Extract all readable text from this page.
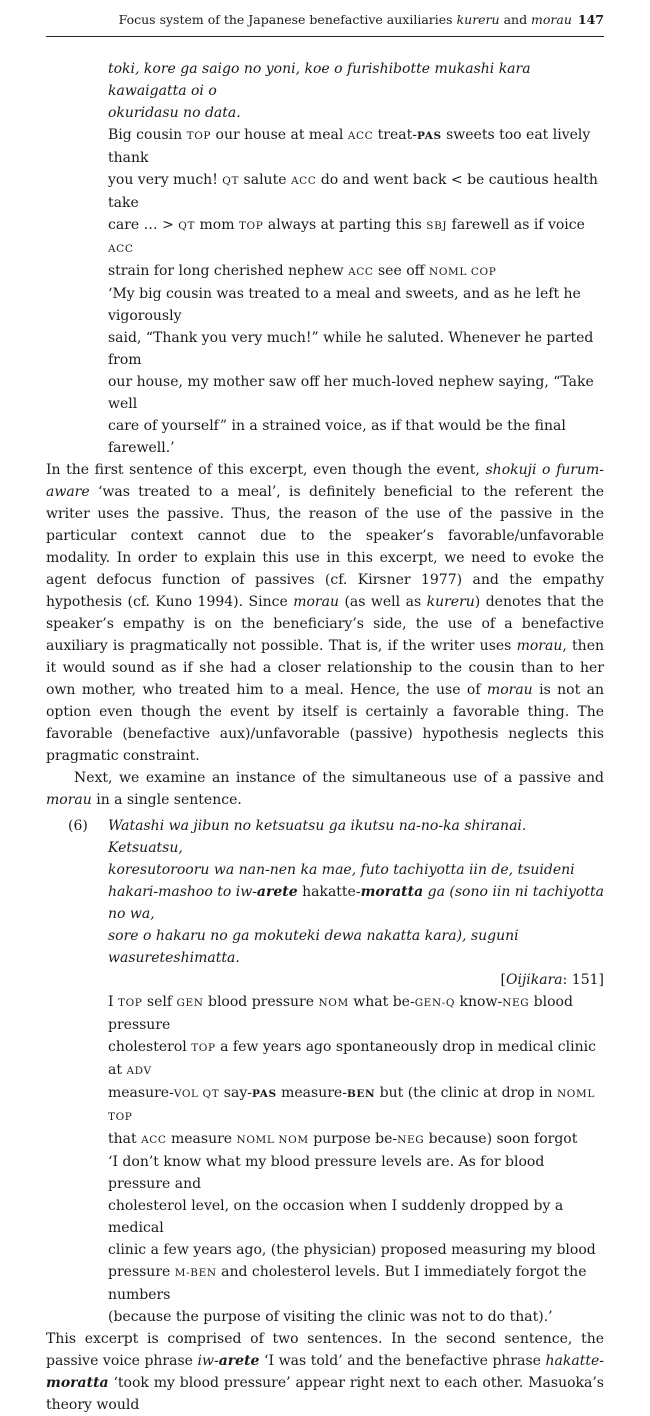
Focus system of the Japanese benefactive auxiliaries kureru and morau 147

toki, kore ga saigo no yoni, koe o furishibotte mukashi kara kawaigatta oi o

okuridasu no data.

Big cousin TOP our house at meal ACC treat-PAS sweets too eat lively thank

you very much! QT salute ACC do and went back < be cautious health take

care … > QT mom TOP always at parting this SBJ farewell as if voice ACC

strain for long cherished nephew ACC see off NOML COP

‘My big cousin was treated to a meal and sweets, and as he left he vigorously

said, “Thank you very much!” while he saluted. Whenever he parted from

our house, my mother saw off her much-loved nephew saying, “Take well

care of yourself” in a strained voice, as if that would be the final farewell.’

In the first sentence of this excerpt, even though the event, shokuji o furum-aware ‘was treated to a meal’, is definitely beneficial to the referent the writer uses the passive. Thus, the reason of the use of the passive in the particular context cannot due to the speaker’s favorable/unfavorable modality. In order to explain this use in this excerpt, we need to evoke the agent defocus function of passives (cf. Kirsner 1977) and the empathy hypothesis (cf. Kuno 1994). Since morau (as well as kureru) denotes that the speaker’s empathy is on the beneficiary’s side, the use of a benefactive auxiliary is pragmatically not possible. That is, if the writer uses morau, then it would sound as if she had a closer relationship to the cousin than to her own mother, who treated him to a meal. Hence, the use of morau is not an option even though the event by itself is certainly a favorable thing. The favorable (benefactive aux)/unfavorable (passive) hypothesis neglects this pragmatic constraint.

Next, we examine an instance of the simultaneous use of a passive and morau in a single sentence.

(6) Watashi wa jibun no ketsuatsu ga ikutsu na-no-ka shiranai. Ketsuatsu,

koresutorooru wa nan-nen ka mae, futo tachiyotta iin de, tsuideni

hakari-mashoo to iw-arete hakatte-moratta ga (sono iin ni tachiyotta no wa,

sore o hakaru no ga mokuteki dewa nakatta kara), suguni wasureteshimatta.

[Oijikara: 151]

I TOP self GEN blood pressure NOM what be-GEN-Q know-NEG blood pressure

cholesterol TOP a few years ago spontaneously drop in medical clinic at ADV

measure-VOL QT say-PAS measure-BEN but (the clinic at drop in NOML TOP

that ACC measure NOML NOM purpose be-NEG because) soon forgot

‘I don’t know what my blood pressure levels are. As for blood pressure and

cholesterol level, on the occasion when I suddenly dropped by a medical

clinic a few years ago, (the physician) proposed measuring my blood

pressure M-BEN and cholesterol levels. But I immediately forgot the numbers

(because the purpose of visiting the clinic was not to do that).’

This excerpt is comprised of two sentences. In the second sentence, the passive voice phrase iw-arete ‘I was told’ and the benefactive phrase hakatte-moratta ‘took my blood pressure’ appear right next to each other. Masuoka’s theory would
